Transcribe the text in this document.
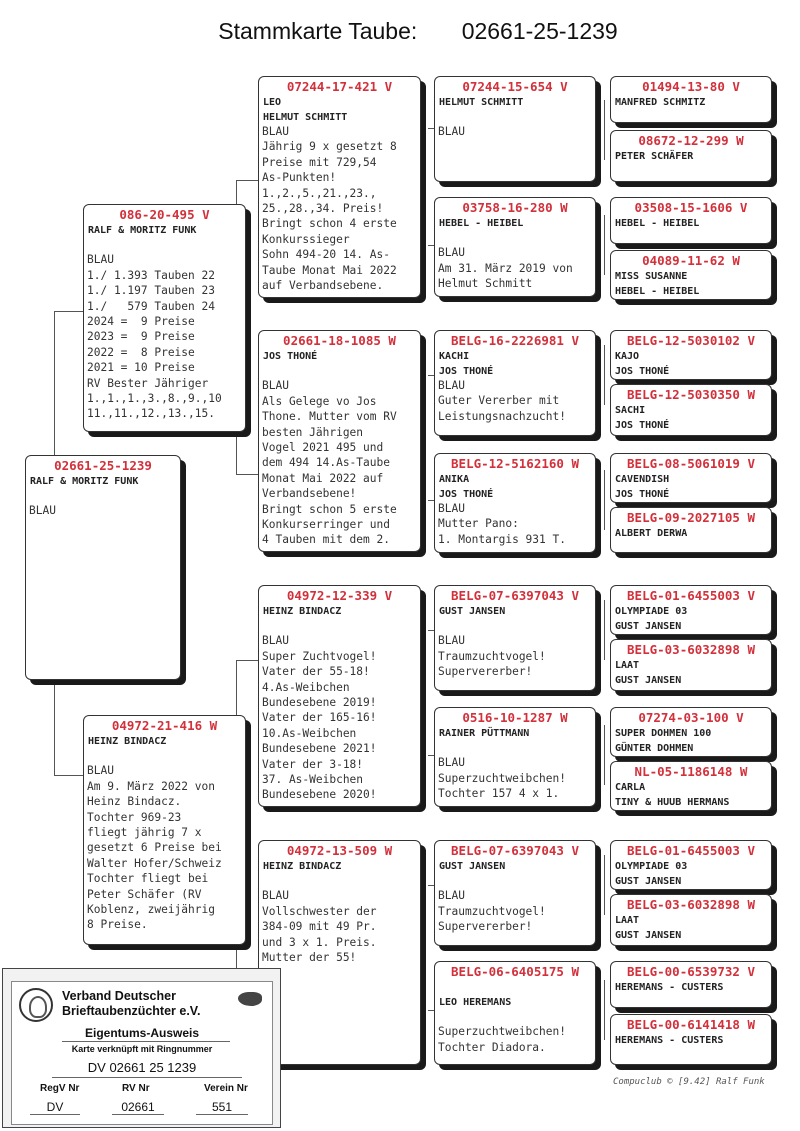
Stammkarte Taube: 02661-25-1239
02661-25-1239
RALF & MORITZ FUNK

BLAU
086-20-495 V
RALF & MORITZ FUNK

BLAU
1./ 1.393 Tauben 22
1./ 1.197 Tauben 23
1./   579 Tauben 24
2024 =  9 Preise
2023 =  9 Preise
2022 =  8 Preise
2021 = 10 Preise
RV Bester Jähriger
1.,1.,1.,3.,8.,9.,10
11.,11.,12.,13.,15.
04972-21-416 W
HEINZ BINDACZ

BLAU
Am 9. März 2022 von
Heinz Bindacz.
Tochter 969-23
fliegt jährig 7 x
gesetzt 6 Preise bei
Walter Hofer/Schweiz
Tochter fliegt bei
Peter Schäfer (RV
Koblenz, zweijährig
8 Preise.
07244-17-421 V
LEO
HELMUT SCHMITT
BLAU
Jährig 9 x gesetzt 8
Preise mit 729,54
As-Punkten!
1.,2.,5.,21.,23.,
25.,28.,34. Preis!
Bringt schon 4 erste
Konkurssieger
Sohn 494-20 14. As-
Taube Monat Mai 2022
auf Verbandsebene.
02661-18-1085 W
JOS THONÉ

BLAU
Als Gelege vo Jos
Thone. Mutter vom RV
besten Jährigen
Vogel 2021 495 und
dem 494 14.As-Taube
Monat Mai 2022 auf
Verbandsebene!
Bringt schon 5 erste
Konkurserringer und
4 Tauben mit dem 2.
04972-12-339 V
HEINZ BINDACZ

BLAU
Super Zuchtvogel!
Vater der 55-18!
4.As-Weibchen
Bundesebene 2019!
Vater der 165-16!
10.As-Weibchen
Bundesebene 2021!
Vater der 3-18!
37. As-Weibchen
Bundesebene 2020!
04972-13-509 W
HEINZ BINDACZ

BLAU
Vollschwester der
384-09 mit 49 Pr.
und 3 x 1. Preis.
Mutter der 55!
07244-15-654 V
HELMUT SCHMITT

BLAU
03758-16-280 W
HEBEL - HEIBEL

BLAU
Am 31. März 2019 von
Helmut Schmitt
BELG-16-2226981 V
KACHI
JOS THONÉ
BLAU
Guter Vererber mit
Leistungsnachzucht!
BELG-12-5162160 W
ANIKA
JOS THONÉ
BLAU
Mutter Pano:
1. Montargis 931 T.
BELG-07-6397043 V
GUST JANSEN

BLAU
Traumzuchtvogel!
Supervererber!
0516-10-1287 W
RAINER PÜTTMANN

BLAU
Superzuchtweibchen!
Tochter 157 4 x 1.
BELG-07-6397043 V
GUST JANSEN

BLAU
Traumzuchtvogel!
Supervererber!
BELG-06-6405175 W

LEO HEREMANS

Superzuchtweibchen!
Tochter Diadora.
01494-13-80 V
MANFRED SCHMITZ
08672-12-299 W
PETER SCHÄFER
03508-15-1606 V
HEBEL - HEIBEL
04089-11-62 W
MISS SUSANNE
HEBEL - HEIBEL
BELG-12-5030102 V
KAJO
JOS THONÉ
BELG-12-5030350 W
SACHI
JOS THONÉ
BELG-08-5061019 V
CAVENDISH
JOS THONÉ
BELG-09-2027105 W
ALBERT DERWA
BELG-01-6455003 V
OLYMPIADE 03
GUST JANSEN
BELG-03-6032898 W
LAAT
GUST JANSEN
07274-03-100 V
SUPER DOHMEN 100
GÜNTER DOHMEN
NL-05-1186148 W
CARLA
TINY & HUUB HERMANS
BELG-01-6455003 V
OLYMPIADE 03
GUST JANSEN
BELG-03-6032898 W
LAAT
GUST JANSEN
BELG-00-6539732 V
HEREMANS - CUSTERS
BELG-00-6141418 W
HEREMANS - CUSTERS
Compuclub © [9.42] Ralf Funk
Verband Deutscher
Brieftaubenzüchter e.V.
Eigentums-Ausweis
Karte verknüpft mit Ringnummer
DV 02661 25 1239
RegV Nr	RV Nr	Verein Nr
DV	02661	551
